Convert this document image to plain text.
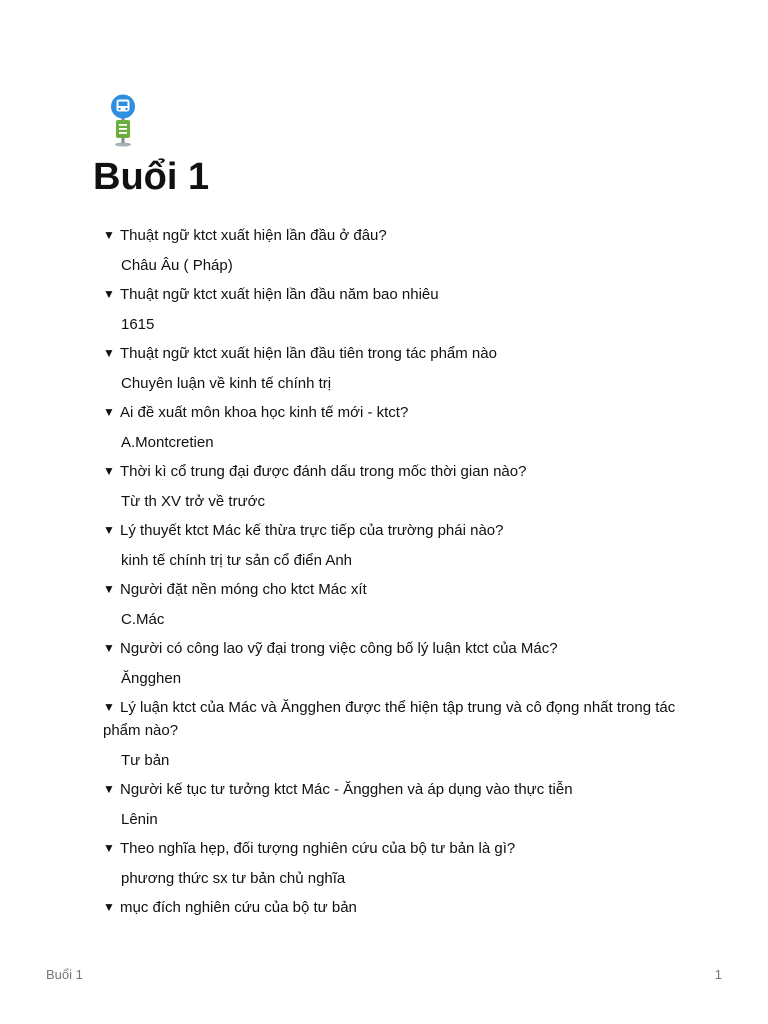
Buổi 1

▼ Thuật ngữ ktct xuất hiện lần đầu ở đâu?

Châu Âu ( Pháp)

▼ Thuật ngữ ktct xuất hiện lần đầu năm bao nhiêu

1615

▼ Thuật ngữ ktct xuất hiện lần đầu tiên trong tác phẩm nào

Chuyên luận về kinh tế chính trị

▼ Ai đề xuất môn khoa học kinh tế mới - ktct?

A.Montcretien

▼ Thời kì cổ trung đại được đánh dấu trong mốc thời gian nào?

Từ th XV trở về trước

▼ Lý thuyết ktct Mác kế thừa trực tiếp của trường phái nào?

kinh tế chính trị tư sản cổ điển Anh

▼ Người đặt nền móng cho ktct Mác xít

C.Mác

▼ Người có công lao vỹ đại trong việc công bố lý luận ktct của Mác?

Ăngghen

▼ Lý luận ktct của Mác và Ăngghen được thể hiện tập trung và cô đọng nhất trong tác phẩm nào?

Tư bản

▼ Người kế tục tư tưởng ktct Mác - Ăngghen và áp dụng vào thực tiễn

Lênin

▼ Theo nghĩa hẹp, đối tượng nghiên cứu của bộ tư bản là gì?

phương thức sx tư bản chủ nghĩa

▼ mục đích nghiên cứu của bộ tư bản

Buổi 1	1
